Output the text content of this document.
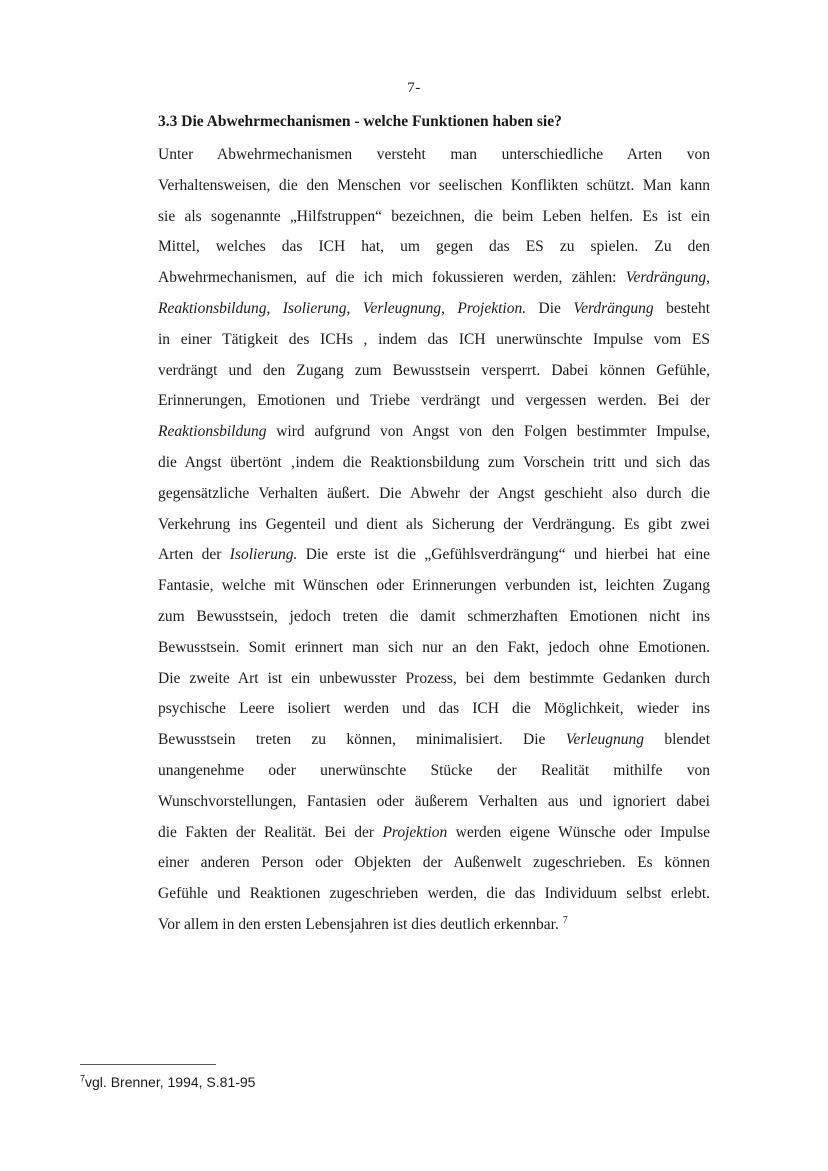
7-
3.3 Die Abwehrmechanismen - welche Funktionen haben sie?
Unter Abwehrmechanismen versteht man unterschiedliche Arten von
Verhaltensweisen, die den Menschen vor seelischen Konflikten schützt. Man kann
sie als sogenannte „Hilfstruppen“ bezeichnen, die beim Leben helfen. Es ist ein
Mittel, welches das ICH hat, um gegen das ES zu spielen. Zu den
Abwehrmechanismen, auf die ich mich fokussieren werden, zählen: Verdrängung,
Reaktionsbildung, Isolierung, Verleugnung, Projektion. Die Verdrängung besteht
in einer Tätigkeit des ICHs , indem das ICH unerwünschte Impulse vom ES
verdrängt und den Zugang zum Bewusstsein versperrt. Dabei können Gefühle,
Erinnerungen, Emotionen und Triebe verdrängt und vergessen werden. Bei der
Reaktionsbildung wird aufgrund von Angst von den Folgen bestimmter Impulse,
die Angst übertönt ‚indem die Reaktionsbildung zum Vorschein tritt und sich das
gegensätzliche Verhalten äußert. Die Abwehr der Angst geschieht also durch die
Verkehrung ins Gegenteil und dient als Sicherung der Verdrängung. Es gibt zwei
Arten der Isolierung. Die erste ist die „Gefühlsverdrängung“ und hierbei hat eine
Fantasie, welche mit Wünschen oder Erinnerungen verbunden ist, leichten Zugang
zum Bewusstsein, jedoch treten die damit schmerzhaften Emotionen nicht ins
Bewusstsein. Somit erinnert man sich nur an den Fakt, jedoch ohne Emotionen.
Die zweite Art ist ein unbewusster Prozess, bei dem bestimmte Gedanken durch
psychische Leere isoliert werden und das ICH die Möglichkeit, wieder ins
Bewusstsein treten zu können, minimalisiert. Die Verleugnung blendet
unangenehme oder unerwünschte Stücke der Realität mithilfe von
Wunschvorstellungen, Fantasien oder äußerem Verhalten aus und ignoriert dabei
die Fakten der Realität. Bei der Projektion werden eigene Wünsche oder Impulse
einer anderen Person oder Objekten der Außenwelt zugeschrieben. Es können
Gefühle und Reaktionen zugeschrieben werden, die das Individuum selbst erlebt.
Vor allem in den ersten Lebensjahren ist dies deutlich erkennbar. $^7$
$^7$vgl. Brenner, 1994, S.81-95
